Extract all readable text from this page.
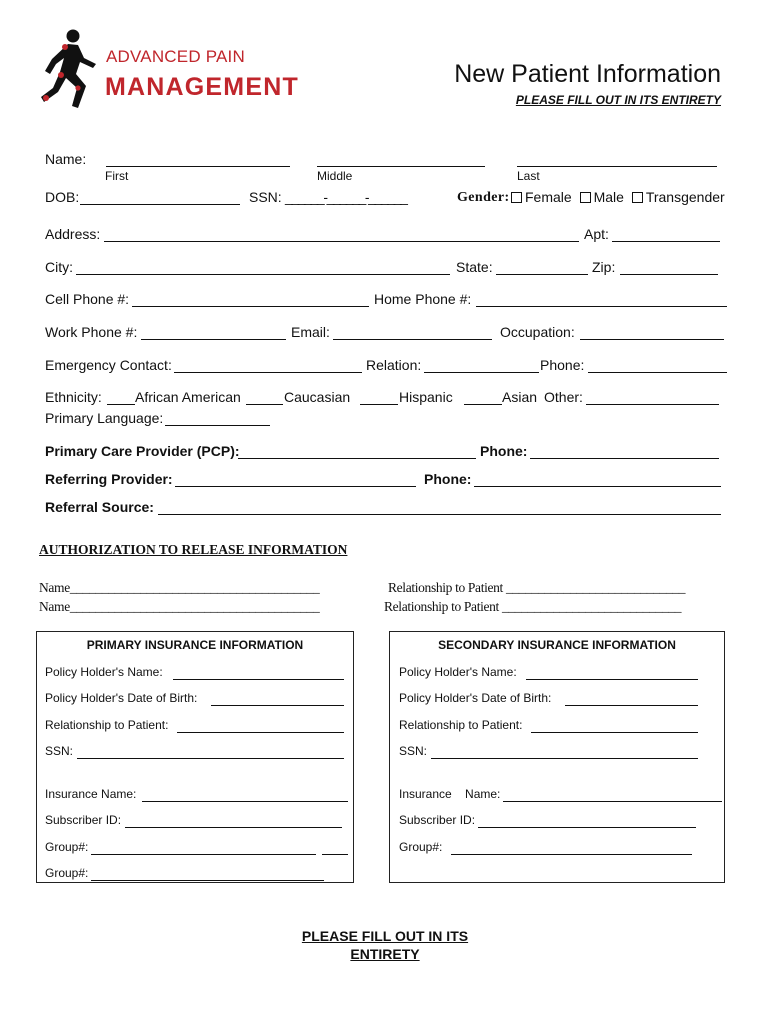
ADVANCED PAIN
MANAGEMENT	New Patient Information
PLEASE FILL OUT IN ITS ENTIRETY
Name:
First	Middle	Last
DOB:	SSN: ______-______-______	Gender:	Female Male Transgender
Address:	Apt:
City:	State:	Zip:
Cell Phone #:	Home Phone #:
Work Phone #:	Email:	Occupation:
Emergency Contact:	Relation:	Phone:
Ethnicity: African American	Caucasian	Hispanic	Asian Other:
Primary Language:
Primary Care Provider (PCP):	Phone:
Referring Provider:	Phone:
Referral Source:
AUTHORIZATION TO RELEASE INFORMATION
Name_______________________________________	Relationship to Patient ____________________________
Name_______________________________________	Relationship to Patient ____________________________
PRIMARY INSURANCE INFORMATION
Policy Holder's Name:
Policy Holder's Date of Birth:
Relationship to Patient:
SSN:
Insurance Name:
Subscriber ID:
Group#:
Group#:
SECONDARY INSURANCE INFORMATION
Policy Holder's Name:
Policy Holder's Date of Birth:
Relationship to Patient:
SSN:
Insurance    Name:
Subscriber ID:
Group#:
PLEASE FILL OUT IN ITS
ENTIRETY
